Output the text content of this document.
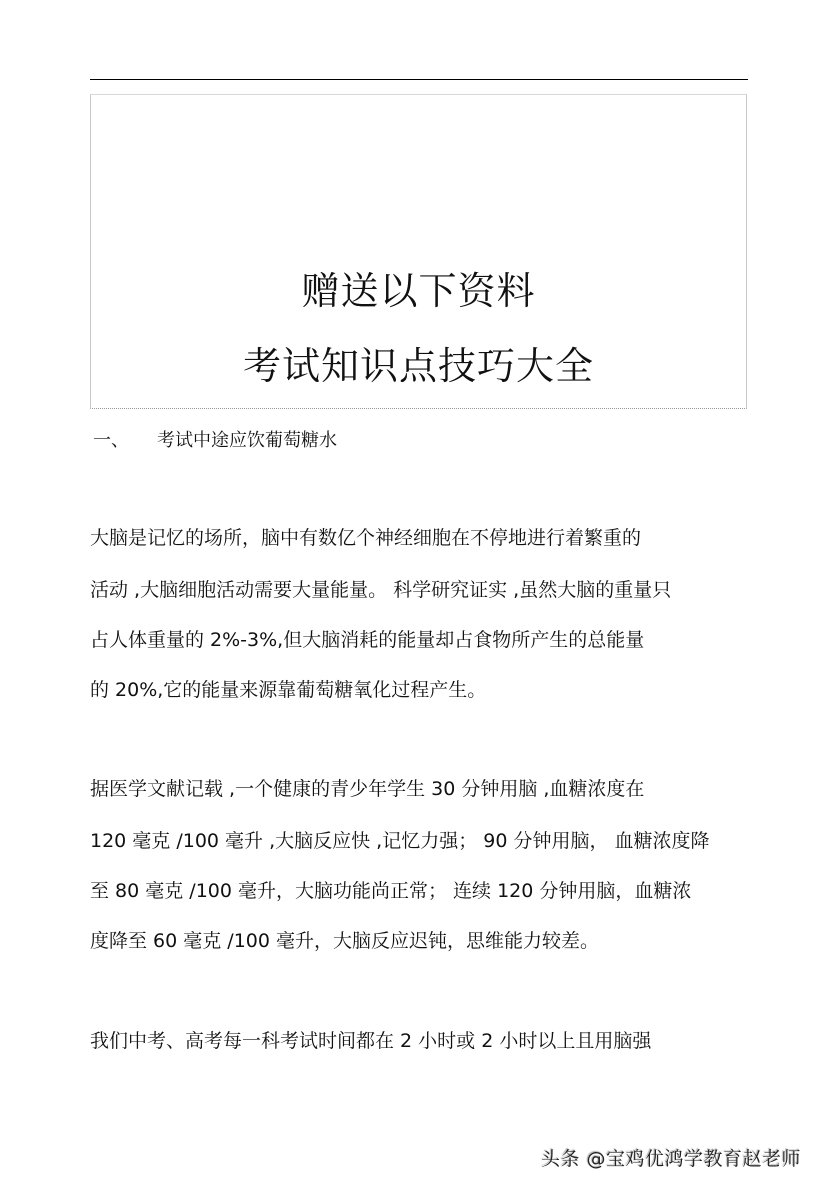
赠送以下资料
考试知识点技巧大全
一、 考试中途应饮葡萄糖水
大脑是记忆的场所，脑中有数亿个神经细胞在不停地进行着繁重的
活动 ,大脑细胞活动需要大量能量。 科学研究证实 ,虽然大脑的重量只
占人体重量的 2%-3%,但大脑消耗的能量却占食物所产生的总能量
的 20%,它的能量来源靠葡萄糖氧化过程产生。
据医学文献记载 ,一个健康的青少年学生 30 分钟用脑 ,血糖浓度在
120 毫克 /100 毫升 ,大脑反应快 ,记忆力强； 90 分钟用脑， 血糖浓度降
至 80 毫克 /100 毫升，大脑功能尚正常； 连续 120 分钟用脑，血糖浓
度降至 60 毫克 /100 毫升，大脑反应迟钝，思维能力较差。
我们中考、高考每一科考试时间都在 2 小时或 2 小时以上且用脑强
头条 @宝鸡优鸿学教育赵老师
